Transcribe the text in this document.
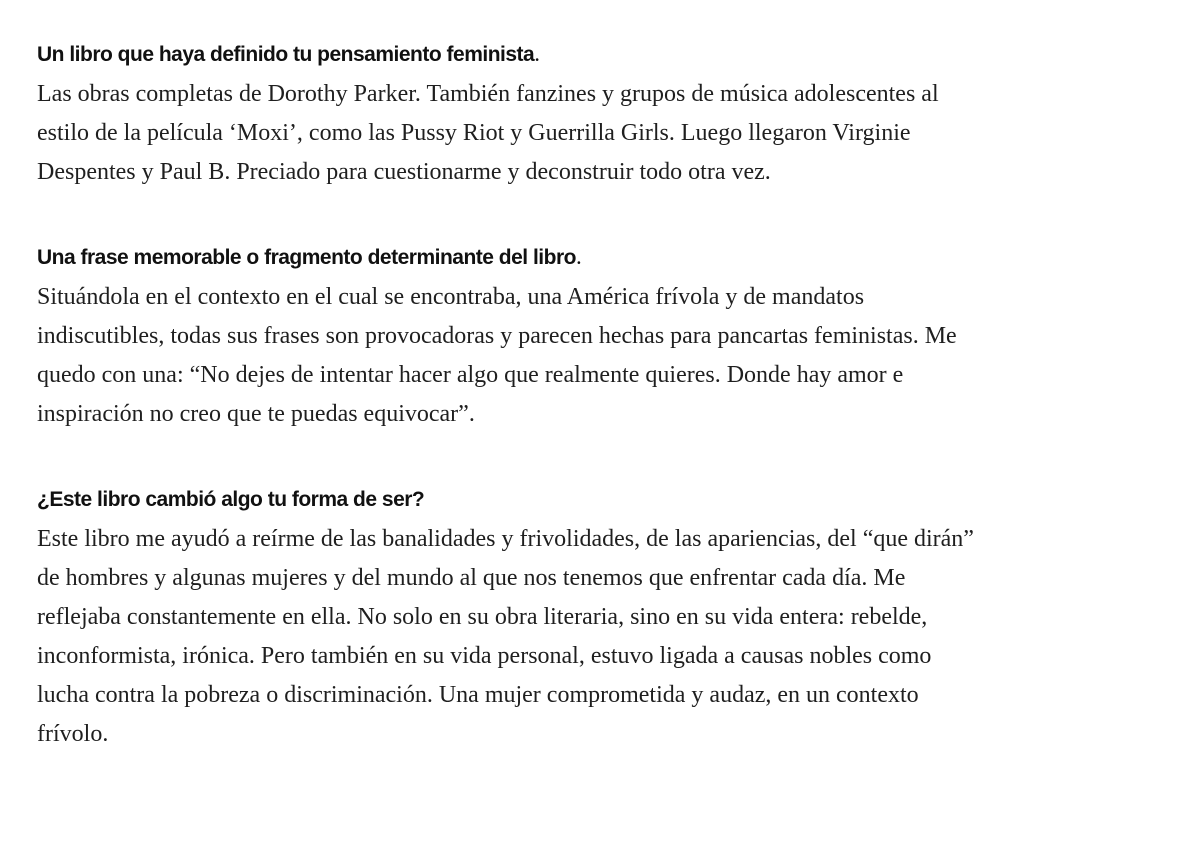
Un libro que haya definido tu pensamiento feminista.

Las obras completas de Dorothy Parker. También fanzines y grupos de música adolescentes al
estilo de la película ‘Moxi’, como las Pussy Riot y Guerrilla Girls. Luego llegaron Virginie
Despentes y Paul B. Preciado para cuestionarme y deconstruir todo otra vez.

Una frase memorable o fragmento determinante del libro.

Situándola en el contexto en el cual se encontraba, una América frívola y de mandatos
indiscutibles, todas sus frases son provocadoras y parecen hechas para pancartas feministas. Me
quedo con una: “No dejes de intentar hacer algo que realmente quieres. Donde hay amor e
inspiración no creo que te puedas equivocar”.

¿Este libro cambió algo tu forma de ser?

Este libro me ayudó a reírme de las banalidades y frivolidades, de las apariencias, del “que dirán”
de hombres y algunas mujeres y del mundo al que nos tenemos que enfrentar cada día. Me
reflejaba constantemente en ella. No solo en su obra literaria, sino en su vida entera: rebelde,
inconformista, irónica. Pero también en su vida personal, estuvo ligada a causas nobles como
lucha contra la pobreza o discriminación. Una mujer comprometida y audaz, en un contexto
frívolo.
